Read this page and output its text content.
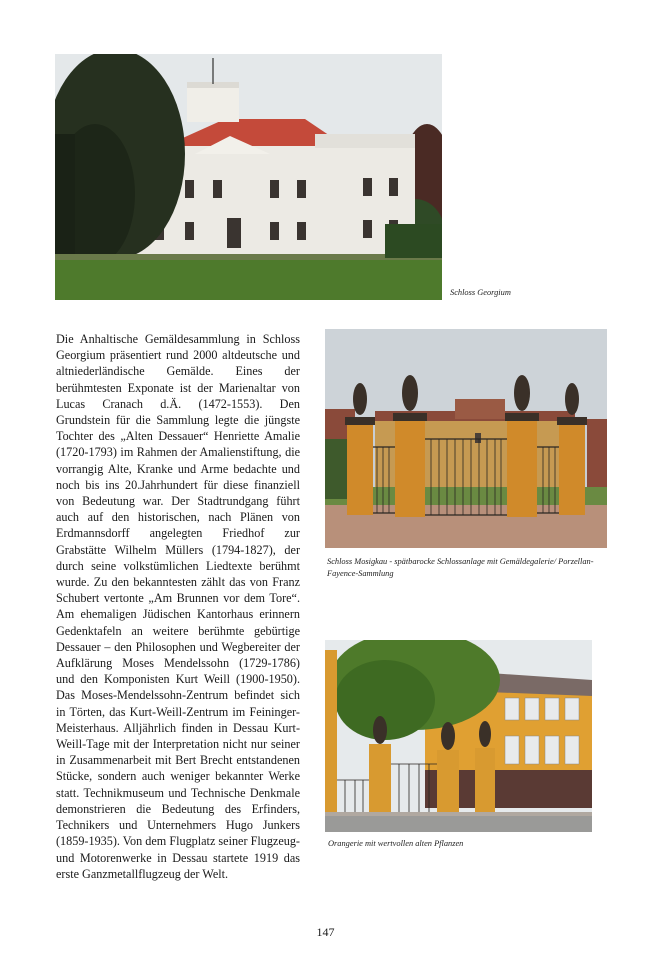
Schloss Georgium
Schloss Mosigkau - spätbarocke Schlossanlage mit Gemäldegalerie/ Porzellan-Fayence-Sammlung
Orangerie mit wertvollen alten Pflanzen

Die Anhaltische Gemäldesammlung in Schloss Georgium präsentiert rund 2000 altdeutsche und altniederländische Gemälde. Eines der berühmtesten Exponate ist der Marienaltar von Lucas Cranach d.Ä. (1472-1553). Den Grundstein für die Sammlung legte die jüngste Tochter des „Alten Dessauer“ Henriette Amalie (1720-1793) im Rahmen der Amalienstiftung, die vorrangig Alte, Kranke und Arme bedachte und noch bis ins 20.Jahrhundert für diese finanziell von Bedeutung war. Der Stadtrundgang führt auch auf den historischen, nach Plänen von Erdmannsdorff angelegten Friedhof zur Grabstätte Wilhelm Müllers (1794-1827), der durch seine volkstümlichen Liedtexte berühmt wurde. Zu den bekanntesten zählt das von Franz Schubert vertonte „Am Brunnen vor dem Tore“. Am ehemaligen Jüdischen Kantorhaus erinnern Gedenktafeln an weitere berühmte gebürtige Dessauer – den Philosophen und Wegbereiter der Aufklärung Moses Mendelssohn (1729-1786) und den Komponisten Kurt Weill (1900-1950). Das Moses-Mendelssohn-Zentrum befindet sich in Törten, das Kurt-Weill-Zentrum im Feininger-Meisterhaus. Alljährlich finden in Dessau Kurt-Weill-Tage mit der Interpretation nicht nur seiner in Zusammenarbeit mit Bert Brecht entstandenen Stücke, sondern auch weniger bekannter Werke statt. Technikmuseum und Technische Denkmale demonstrieren die Bedeutung des Erfinders, Technikers und Unternehmers Hugo Junkers (1859-1935). Von dem Flugplatz seiner Flugzeug- und Motorenwerke in Dessau startete 1919 das erste Ganzmetallflugzeug der Welt.

147
